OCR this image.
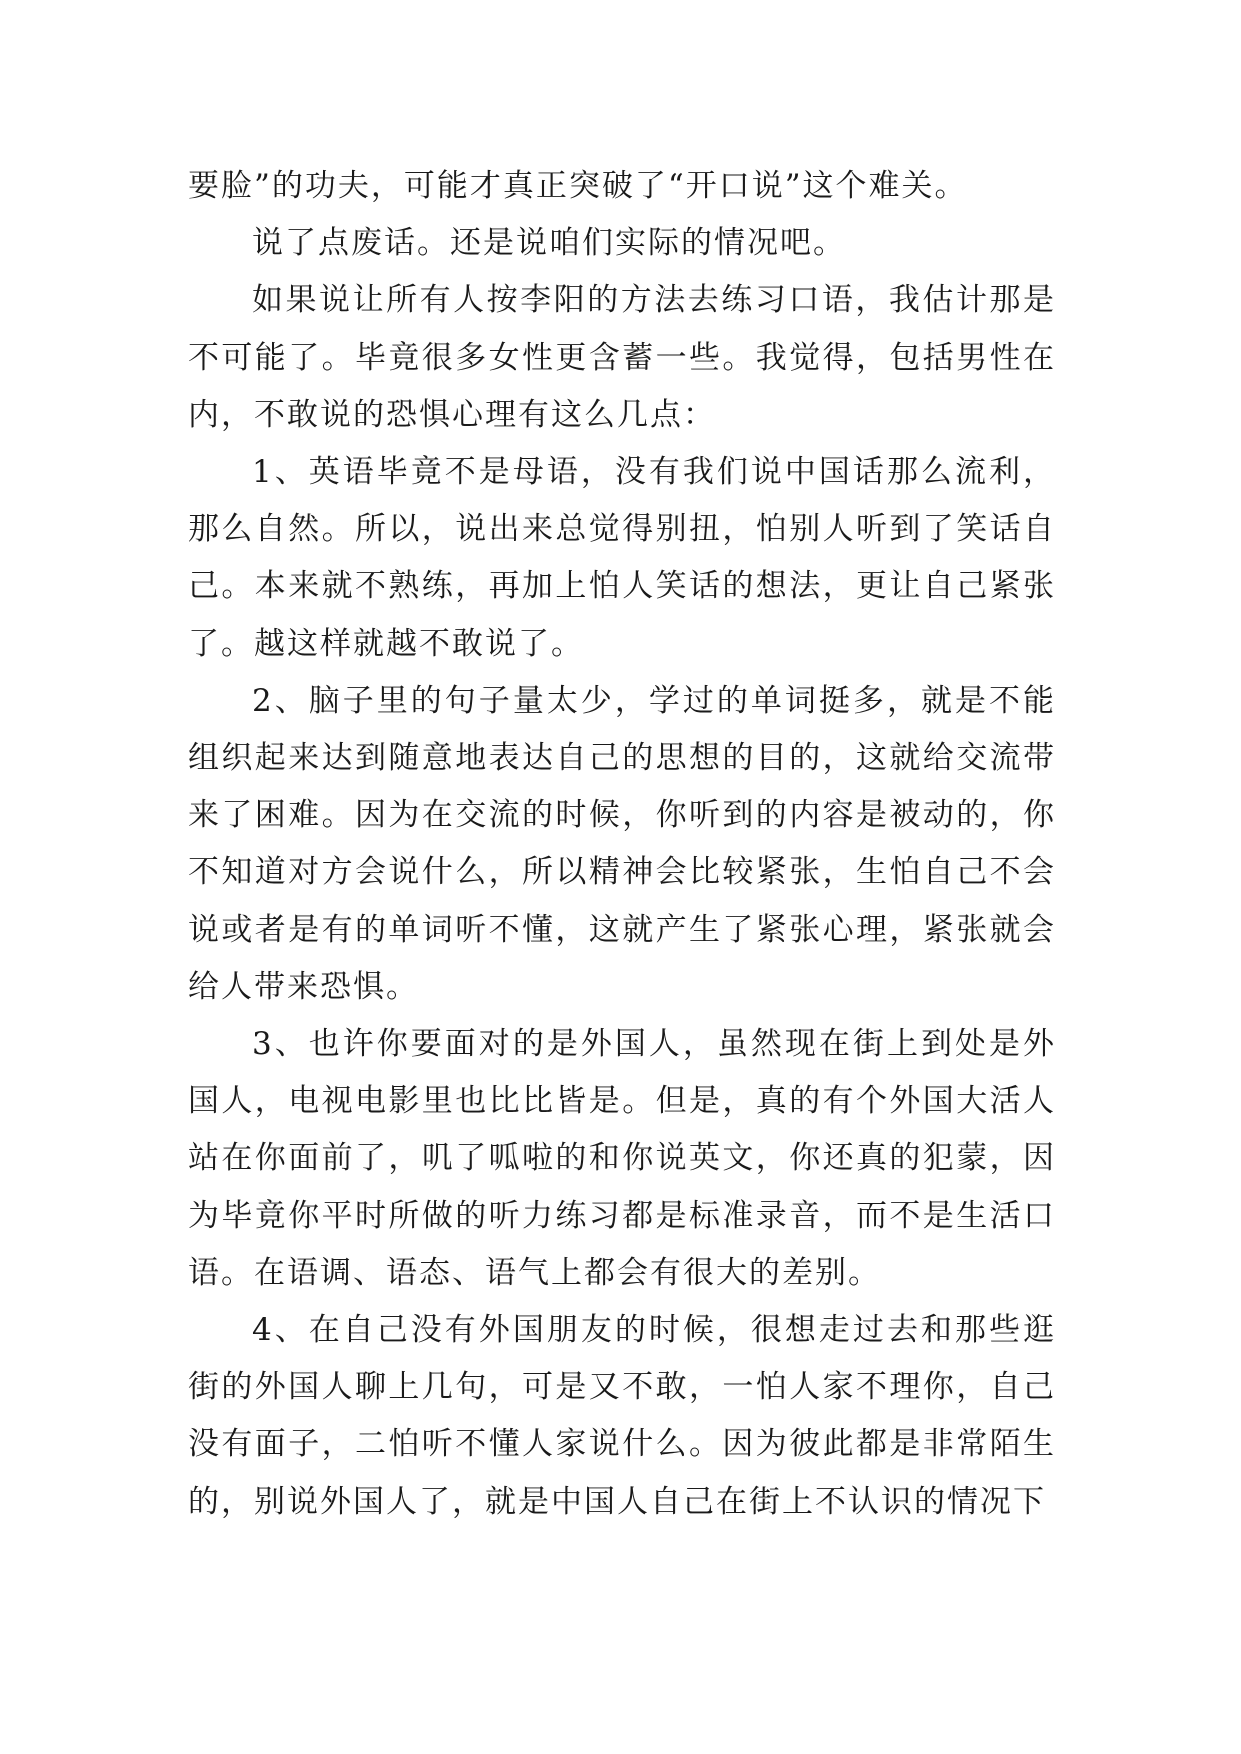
要脸”的功夫，可能才真正突破了“开口说”这个难关。

说了点废话。还是说咱们实际的情况吧。

如果说让所有人按李阳的方法去练习口语，我估计那是不可能了。毕竟很多女性更含蓄一些。我觉得，包括男性在内，不敢说的恐惧心理有这么几点：

1、英语毕竟不是母语，没有我们说中国话那么流利，那么自然。所以，说出来总觉得别扭，怕别人听到了笑话自己。本来就不熟练，再加上怕人笑话的想法，更让自己紧张了。越这样就越不敢说了。

2、脑子里的句子量太少，学过的单词挺多，就是不能组织起来达到随意地表达自己的思想的目的，这就给交流带来了困难。因为在交流的时候，你听到的内容是被动的，你不知道对方会说什么，所以精神会比较紧张，生怕自己不会说或者是有的单词听不懂，这就产生了紧张心理，紧张就会给人带来恐惧。

3、也许你要面对的是外国人，虽然现在街上到处是外国人，电视电影里也比比皆是。但是，真的有个外国大活人站在你面前了，叽了呱啦的和你说英文，你还真的犯蒙，因为毕竟你平时所做的听力练习都是标准录音，而不是生活口语。在语调、语态、语气上都会有很大的差别。

4、在自己没有外国朋友的时候，很想走过去和那些逛街的外国人聊上几句，可是又不敢，一怕人家不理你，自己没有面子，二怕听不懂人家说什么。因为彼此都是非常陌生的，别说外国人了，就是中国人自己在街上不认识的情况下
